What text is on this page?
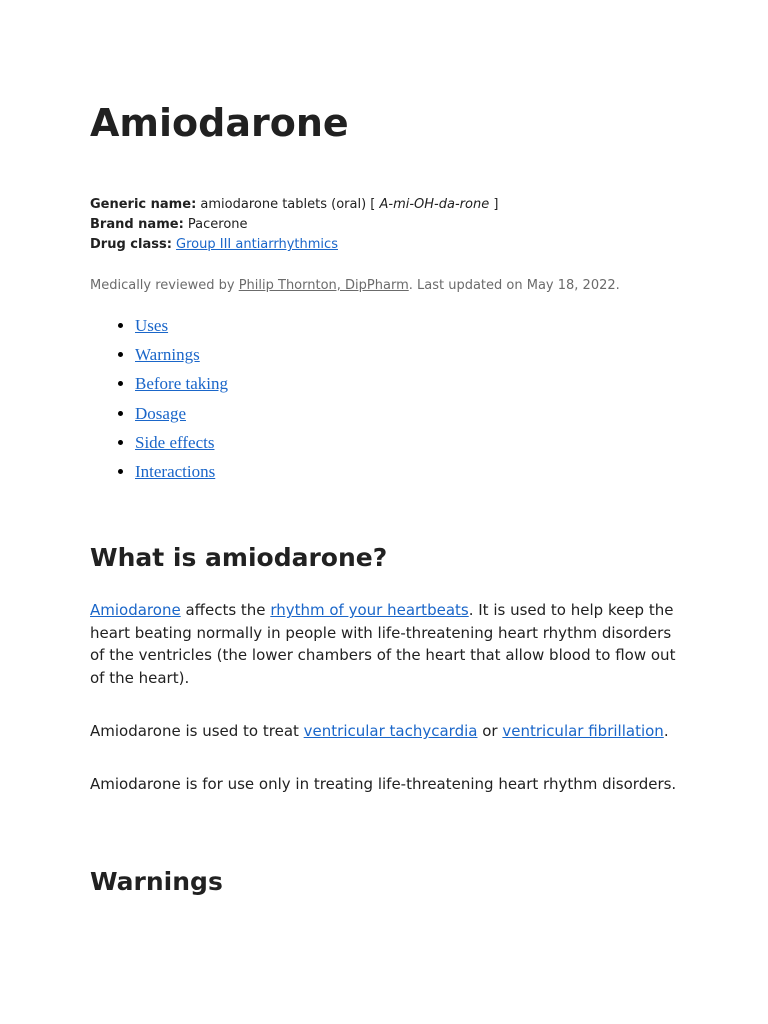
Amiodarone
Generic name: amiodarone tablets (oral) [ A-mi-OH-da-rone ]
Brand name: Pacerone
Drug class: Group III antiarrhythmics
Medically reviewed by Philip Thornton, DipPharm. Last updated on May 18, 2022.
• Uses
• Warnings
• Before taking
• Dosage
• Side effects
• Interactions
What is amiodarone?

Amiodarone affects the rhythm of your heartbeats. It is used to help keep the heart beating normally in people with life-threatening heart rhythm disorders of the ventricles (the lower chambers of the heart that allow blood to flow out of the heart).

Amiodarone is used to treat ventricular tachycardia or ventricular fibrillation.

Amiodarone is for use only in treating life-threatening heart rhythm disorders.

Warnings
